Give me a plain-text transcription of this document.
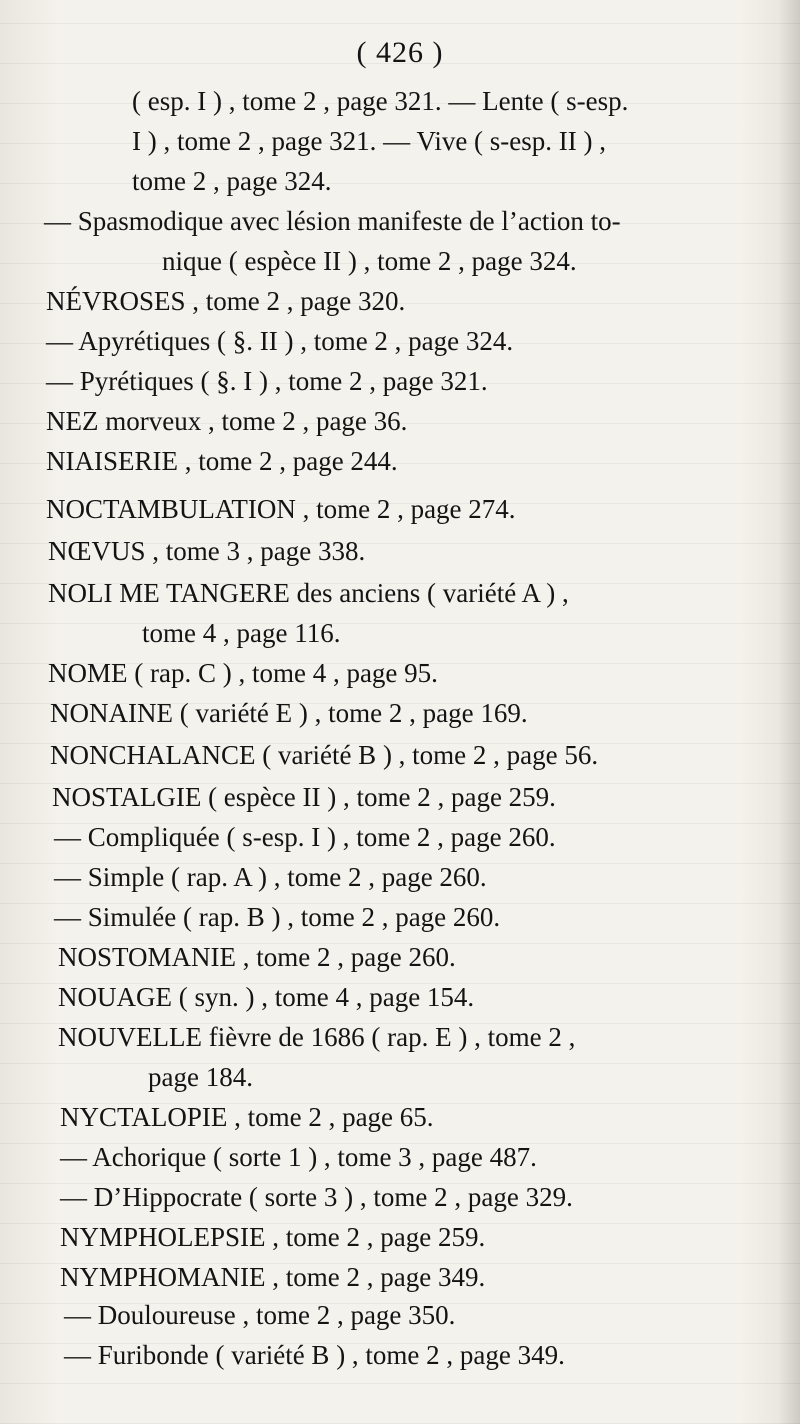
( 426 )
( esp. I ) , tome 2 , page 321. — Lente ( s-esp.
I ) , tome 2 , page 321. — Vive ( s-esp. II ) ,
tome 2 , page 324.
— Spasmodique avec lésion manifeste de l’action to-
nique ( espèce II ) , tome 2 , page 324.
NÉVROSES , tome 2 , page 320.
— Apyrétiques ( §. II ) , tome 2 , page 324.
— Pyrétiques ( §. I ) , tome 2 , page 321.
NEZ morveux , tome 2 , page 36.
NIAISERIE , tome 2 , page 244.
NOCTAMBULATION , tome 2 , page 274.
NŒVUS , tome 3 , page 338.
NOLI ME TANGERE des anciens ( variété A ) ,
tome 4 , page 116.
NOME ( rap. C ) , tome 4 , page 95.
NONAINE ( variété E ) , tome 2 , page 169.
NONCHALANCE ( variété B ) , tome 2 , page 56.
NOSTALGIE ( espèce II ) , tome 2 , page 259.
— Compliquée ( s-esp. I ) , tome 2 , page 260.
— Simple ( rap. A ) , tome 2 , page 260.
— Simulée ( rap. B ) , tome 2 , page 260.
NOSTOMANIE , tome 2 , page 260.
NOUAGE ( syn. ) , tome 4 , page 154.
NOUVELLE fièvre de 1686 ( rap. E ) , tome 2 ,
page 184.
NYCTALOPIE , tome 2 , page 65.
— Achorique ( sorte 1 ) , tome 3 , page 487.
— D’Hippocrate ( sorte 3 ) , tome 2 , page 329.
NYMPHOLEPSIE , tome 2 , page 259.
NYMPHOMANIE , tome 2 , page 349.
— Douloureuse , tome 2 , page 350.
— Furibonde ( variété B ) , tome 2 , page 349.
